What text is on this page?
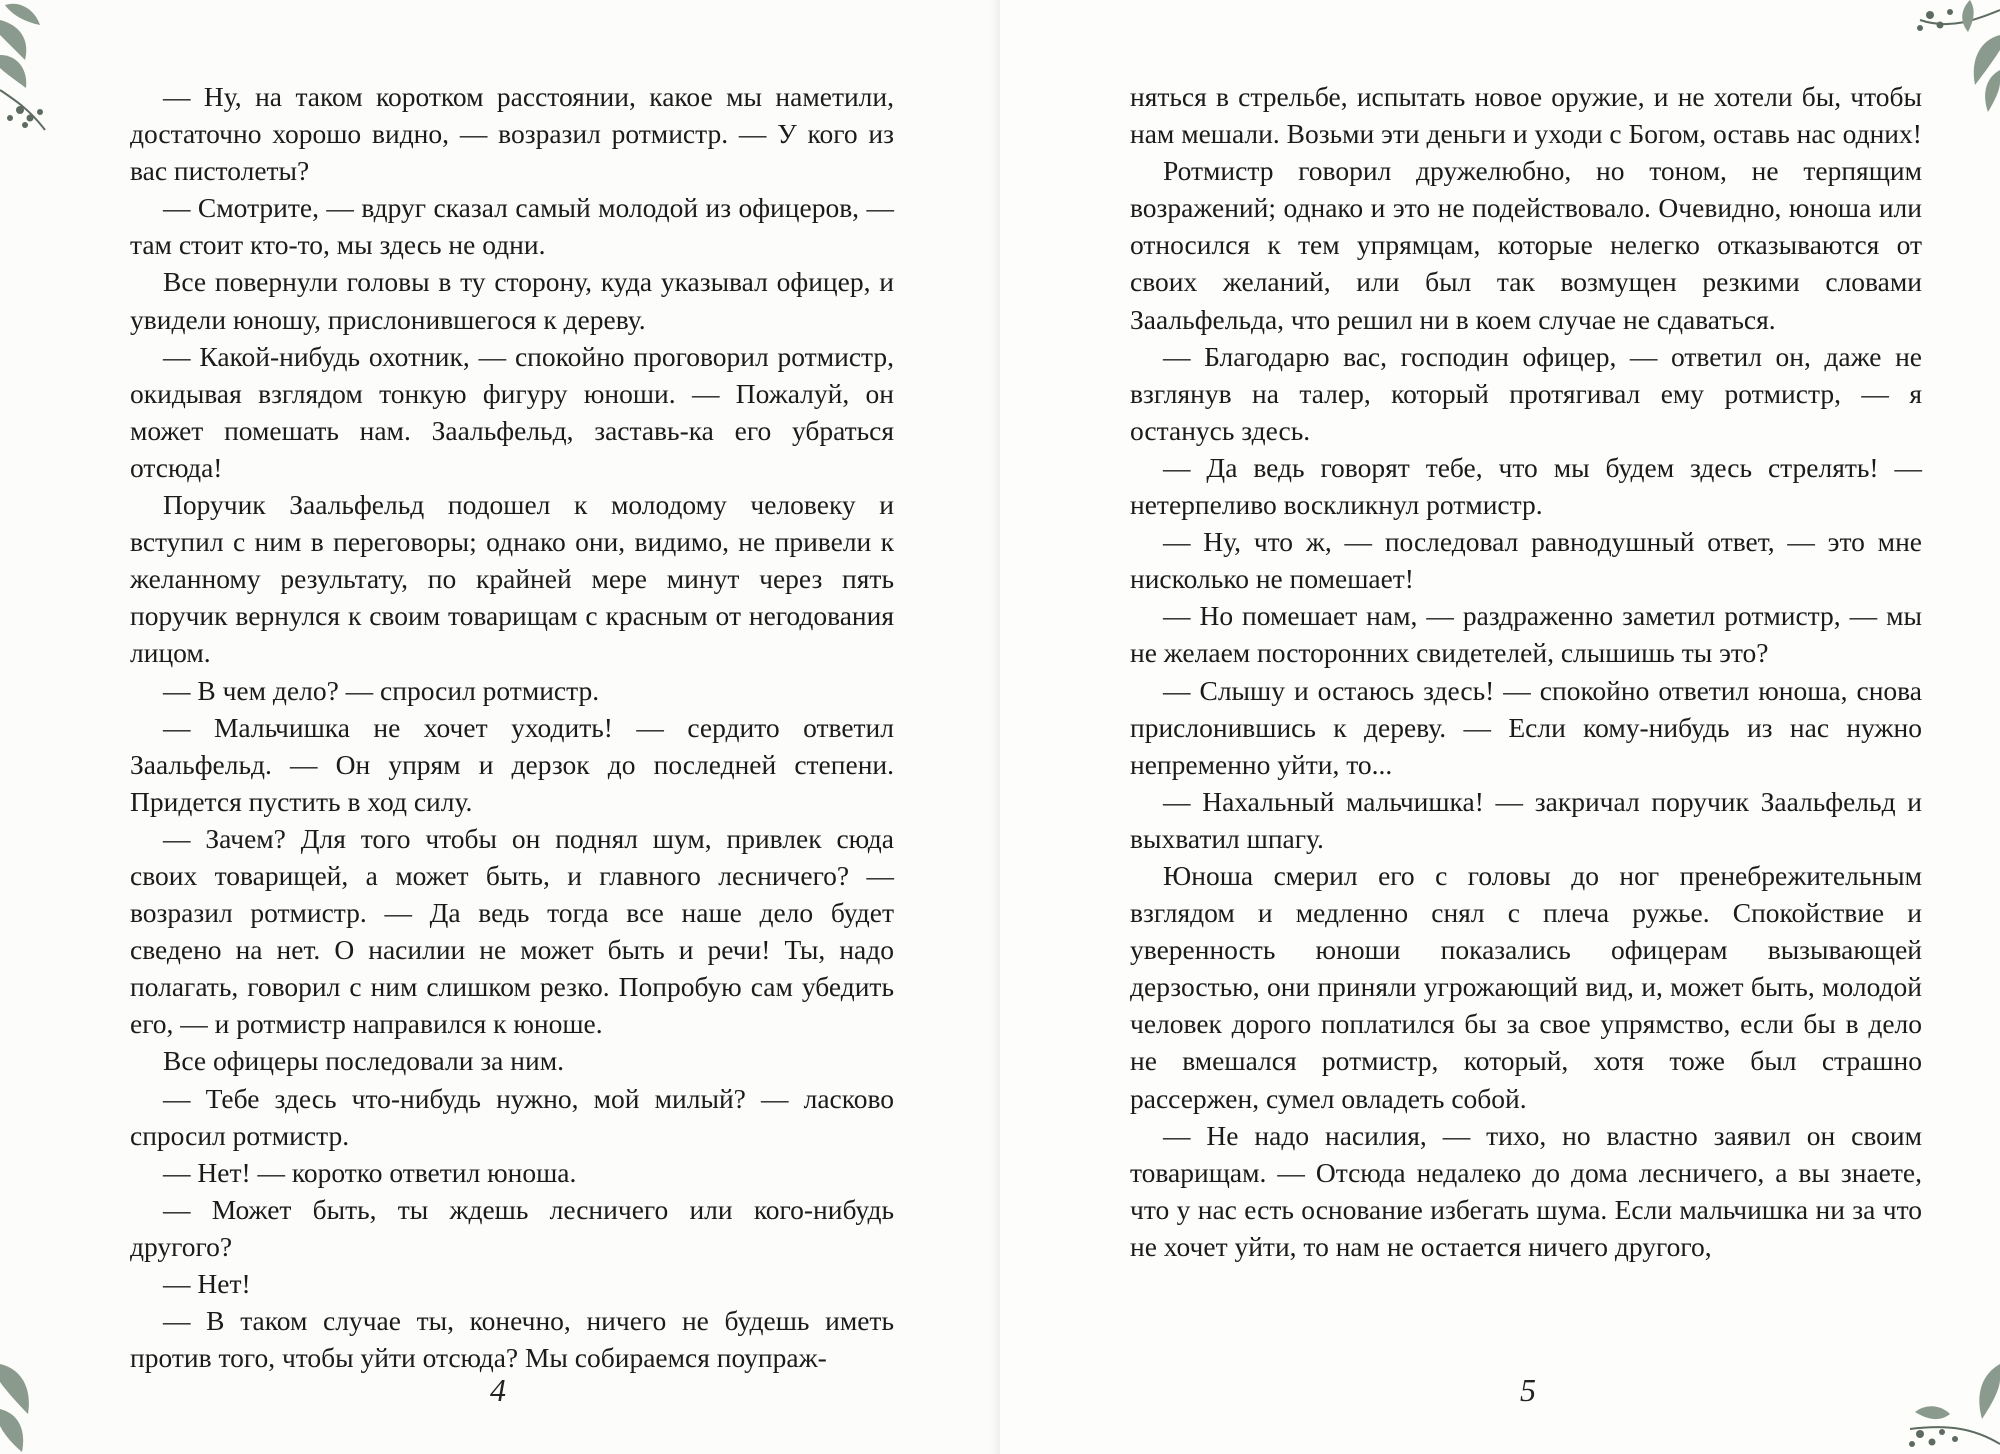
— Ну, на таком коротком расстоянии, какое мы наметили, достаточно хорошо видно, — возразил ротмистр. — У кого из вас пистолеты?

— Смотрите, — вдруг сказал самый молодой из офицеров, — там стоит кто-то, мы здесь не одни.

Все повернули головы в ту сторону, куда указывал офицер, и увидели юношу, прислонившегося к дереву.

— Какой-нибудь охотник, — спокойно проговорил ротмистр, окидывая взглядом тонкую фигуру юноши. — Пожалуй, он может помешать нам. Заальфельд, заставь-ка его убраться отсюда!

Поручик Заальфельд подошел к молодому человеку и вступил с ним в переговоры; однако они, видимо, не привели к желанному результату, по крайней мере минут через пять поручик вернулся к своим товарищам с красным от негодования лицом.

— В чем дело? — спросил ротмистр.

— Мальчишка не хочет уходить! — сердито ответил Заальфельд. — Он упрям и дерзок до последней степени. Придется пустить в ход силу.

— Зачем? Для того чтобы он поднял шум, привлек сюда своих товарищей, а может быть, и главного лесничего? — возразил ротмистр. — Да ведь тогда все наше дело будет сведено на нет. О насилии не может быть и речи! Ты, надо полагать, говорил с ним слишком резко. Попробую сам убедить его, — и ротмистр направился к юноше.

Все офицеры последовали за ним.

— Тебе здесь что-нибудь нужно, мой милый? — ласково спросил ротмистр.

— Нет! — коротко ответил юноша.

— Может быть, ты ждешь лесничего или кого-нибудь другого?

— Нет!

— В таком случае ты, конечно, ничего не будешь иметь против того, чтобы уйти отсюда? Мы собираемся поупраж-

4

няться в стрельбе, испытать новое оружие, и не хотели бы, чтобы нам мешали. Возьми эти деньги и уходи с Богом, оставь нас одних!

Ротмистр говорил дружелюбно, но тоном, не терпящим возражений; однако и это не подействовало. Очевидно, юноша или относился к тем упрямцам, которые нелегко отказываются от своих желаний, или был так возмущен резкими словами Заальфельда, что решил ни в коем случае не сдаваться.

— Благодарю вас, господин офицер, — ответил он, даже не взглянув на талер, который протягивал ему ротмистр, — я останусь здесь.

— Да ведь говорят тебе, что мы будем здесь стрелять! — нетерпеливо воскликнул ротмистр.

— Ну, что ж, — последовал равнодушный ответ, — это мне нисколько не помешает!

— Но помешает нам, — раздраженно заметил ротмистр, — мы не желаем посторонних свидетелей, слышишь ты это?

— Слышу и остаюсь здесь! — спокойно ответил юноша, снова прислонившись к дереву. — Если кому-нибудь из нас нужно непременно уйти, то...

— Нахальный мальчишка! — закричал поручик Заальфельд и выхватил шпагу.

Юноша смерил его с головы до ног пренебрежительным взглядом и медленно снял с плеча ружье. Спокойствие и уверенность юноши показались офицерам вызывающей дерзостью, они приняли угрожающий вид, и, может быть, молодой человек дорого поплатился бы за свое упрямство, если бы в дело не вмешался ротмистр, который, хотя тоже был страшно рассержен, сумел овладеть собой.

— Не надо насилия, — тихо, но властно заявил он своим товарищам. — Отсюда недалеко до дома лесничего, а вы знаете, что у нас есть основание избегать шума. Если мальчишка ни за что не хочет уйти, то нам не остается ничего другого,

5
